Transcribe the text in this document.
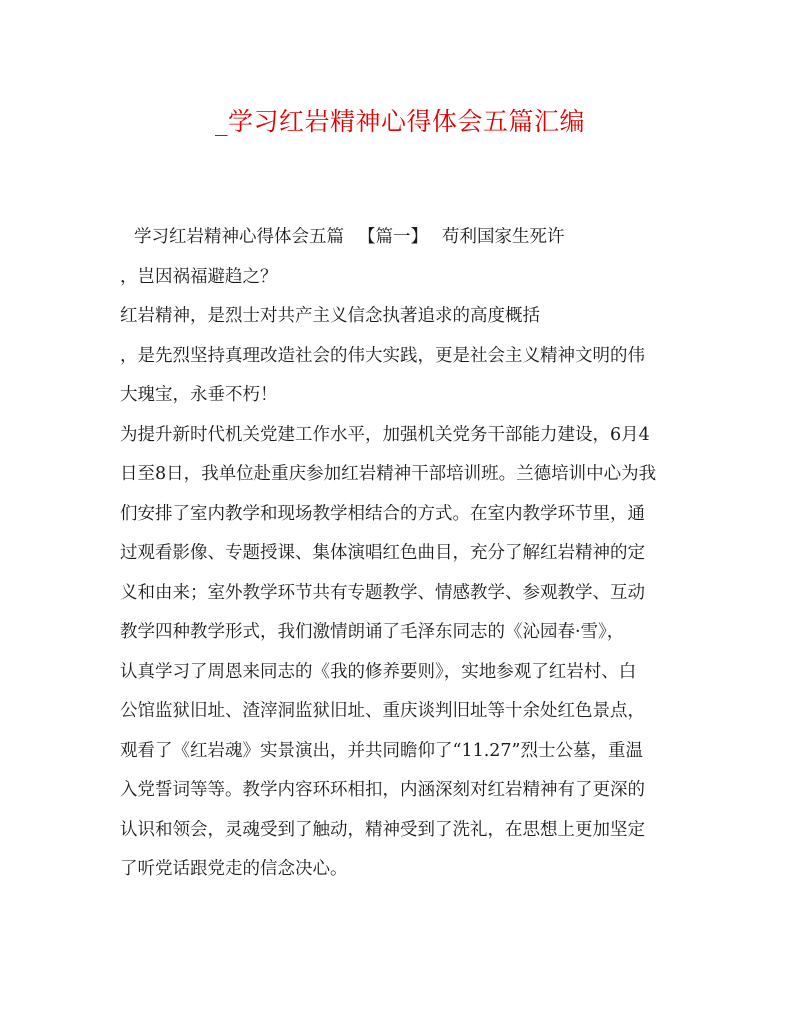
_学习红岩精神心得体会五篇汇编
学习红岩精神心得体会五篇 【篇一】 苟利国家生死许
，岂因祸福避趋之？
红岩精神，是烈士对共产主义信念执著追求的高度概括
，是先烈坚持真理改造社会的伟大实践，更是社会主义精神文明的伟
大瑰宝，永垂不朽！
为提升新时代机关党建工作水平，加强机关党务干部能力建设，6月4
日至8日，我单位赴重庆参加红岩精神干部培训班。兰德培训中心为我
们安排了室内教学和现场教学相结合的方式。在室内教学环节里，通
过观看影像、专题授课、集体演唱红色曲目，充分了解红岩精神的定
义和由来；室外教学环节共有专题教学、情感教学、参观教学、互动
教学四种教学形式，我们激情朗诵了毛泽东同志的《沁园春·雪》，
认真学习了周恩来同志的《我的修养要则》，实地参观了红岩村、白
公馆监狱旧址、渣滓洞监狱旧址、重庆谈判旧址等十余处红色景点，
观看了《红岩魂》实景演出，并共同瞻仰了“11.27”烈士公墓，重温
入党誓词等等。教学内容环环相扣，内涵深刻对红岩精神有了更深的
认识和领会，灵魂受到了触动，精神受到了洗礼，在思想上更加坚定
了听党话跟党走的信念决心。
